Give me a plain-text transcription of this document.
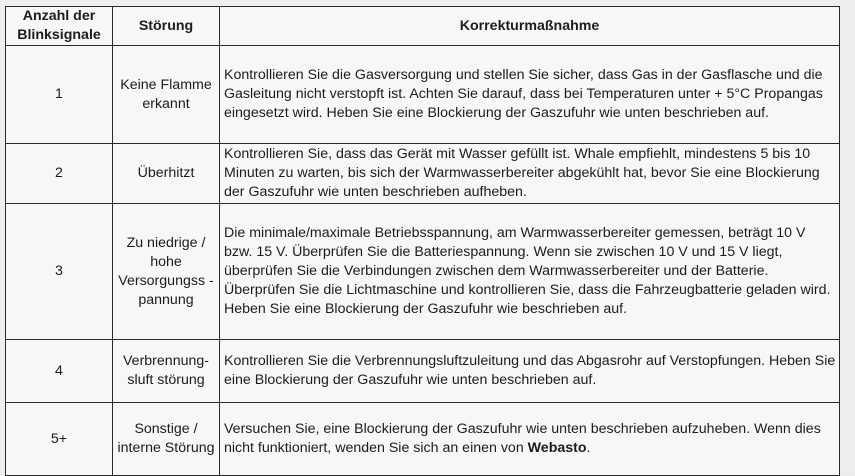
Anzahl der Blinksignale	Störung	Korrekturmaßnahme
1	Keine Flamme erkannt	Kontrollieren Sie die Gasversorgung und stellen Sie sicher, dass Gas in der Gasflasche und die Gasleitung nicht verstopft ist. Achten Sie darauf, dass bei Temperaturen unter + 5°C Propangas eingesetzt wird. Heben Sie eine Blockierung der Gaszufuhr wie unten beschrieben auf.
2	Überhitzt	Kontrollieren Sie, dass das Gerät mit Wasser gefüllt ist. Whale empfiehlt, mindestens 5 bis 10 Minuten zu warten, bis sich der Warmwasserbereiter abgekühlt hat, bevor Sie eine Blockierung der Gaszufuhr wie unten beschrieben aufheben.
3	Zu niedrige / hohe Versorgungss -pannung	Die minimale/maximale Betriebsspannung, am Warmwasserbereiter gemessen, beträgt 10 V bzw. 15 V. Überprüfen Sie die Batteriespannung. Wenn sie zwischen 10 V und 15 V liegt, überprüfen Sie die Verbindungen zwischen dem Warmwasserbereiter und der Batterie. Überprüfen Sie die Lichtmaschine und kontrollieren Sie, dass die Fahrzeugbatterie geladen wird. Heben Sie eine Blockierung der Gaszufuhr wie beschrieben auf.
4	Verbrennung-sluft störung	Kontrollieren Sie die Verbrennungsluftzuleitung und das Abgasrohr auf Verstopfungen. Heben Sie eine Blockierung der Gaszufuhr wie unten beschrieben auf.
5+	Sonstige / interne Störung	Versuchen Sie, eine Blockierung der Gaszufuhr wie unten beschrieben aufzuheben. Wenn dies nicht funktioniert, wenden Sie sich an einen von Webasto.
